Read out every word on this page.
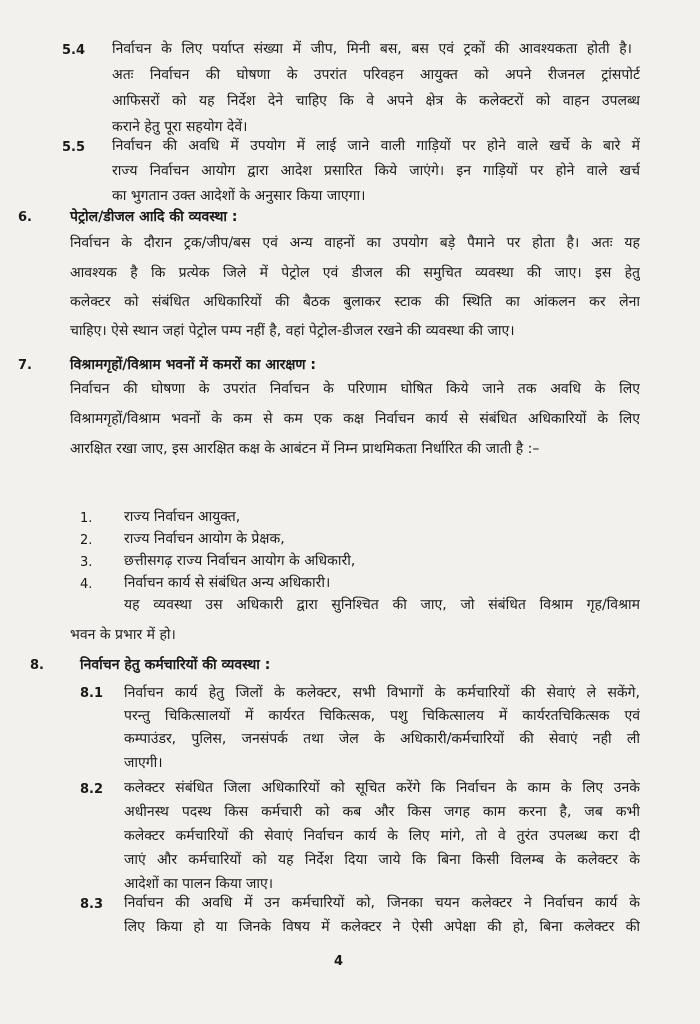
5.4 निर्वाचन के लिए पर्याप्त संख्या में जीप, मिनी बस, बस एवं ट्रकों की आवश्यकता होती है।
अतः निर्वाचन की घोषणा के उपरांत परिवहन आयुक्त को अपने रीजनल ट्रांसपोर्ट
आफिसरों को यह निर्देश देने चाहिए कि वे अपने क्षेत्र के कलेक्टरों को वाहन उपलब्ध
कराने हेतु पूरा सहयोग देवें।
5.5 निर्वाचन की अवधि में उपयोग में लाई जाने वाली गाड़ियों पर होने वाले खर्चे के बारे में
राज्य निर्वाचन आयोग द्वारा आदेश प्रसारित किये जाएंगे। इन गाड़ियों पर होने वाले खर्च
का भुगतान उक्त आदेशों के अनुसार किया जाएगा।
6.	पेट्रोल/डीजल आदि की व्यवस्था :
निर्वाचन के दौरान ट्रक/जीप/बस एवं अन्य वाहनों का उपयोग बड़े पैमाने पर होता है। अतः यह
आवश्यक है कि प्रत्येक जिले में पेट्रोल एवं डीजल की समुचित व्यवस्था की जाए। इस हेतु
कलेक्टर को संबंधित अधिकारियों की बैठक बुलाकर स्टाक की स्थिति का आंकलन कर लेना
चाहिए। ऐसे स्थान जहां पेट्रोल पम्प नहीं है, वहां पेट्रोल-डीजल रखने की व्यवस्था की जाए।
7.	विश्रामगृहों/विश्राम भवनों में कमरों का आरक्षण :
निर्वाचन की घोषणा के उपरांत निर्वाचन के परिणाम घोषित किये जाने तक अवधि के लिए
विश्रामगृहों/विश्राम भवनों के कम से कम एक कक्ष निर्वाचन कार्य से संबंधित अधिकारियों के लिए
आरक्षित रखा जाए, इस आरक्षित कक्ष के आबंटन में निम्न प्राथमिकता निर्धारित की जाती है :–
1. राज्य निर्वाचन आयुक्त,
2. राज्य निर्वाचन आयोग के प्रेक्षक,
3. छत्तीसगढ़ राज्य निर्वाचन आयोग के अधिकारी,
4. निर्वाचन कार्य से संबंधित अन्य अधिकारी।
यह व्यवस्था उस अधिकारी द्वारा सुनिश्चित की जाए, जो संबंधित विश्राम गृह/विश्राम
भवन के प्रभार में हो।
8.	निर्वाचन हेतु कर्मचारियों की व्यवस्था :
8.1 निर्वाचन कार्य हेतु जिलों के कलेक्टर, सभी विभागों के कर्मचारियों की सेवाएं ले सकेंगे,
परन्तु चिकित्सालयों में कार्यरत चिकित्सक, पशु चिकित्सालय में कार्यरतचिकित्सक एवं
कम्पाउंडर, पुलिस, जनसंपर्क तथा जेल के अधिकारी/कर्मचारियों की सेवाएं नही ली
जाएगी।
8.2 कलेक्टर संबंधित जिला अधिकारियों को सूचित करेंगे कि निर्वाचन के काम के लिए उनके
अधीनस्थ पदस्थ किस कर्मचारी को कब और किस जगह काम करना है, जब कभी
कलेक्टर कर्मचारियों की सेवाएं निर्वाचन कार्य के लिए मांगे, तो वे तुरंत उपलब्ध करा दी
जाएं और कर्मचारियों को यह निर्देश दिया जाये कि बिना किसी विलम्ब के कलेक्टर के
आदेशों का पालन किया जाए।
8.3 निर्वाचन की अवधि में उन कर्मचारियों को, जिनका चयन कलेक्टर ने निर्वाचन कार्य के
लिए किया हो या जिनके विषय में कलेक्टर ने ऐसी अपेक्षा की हो, बिना कलेक्टर की
4
